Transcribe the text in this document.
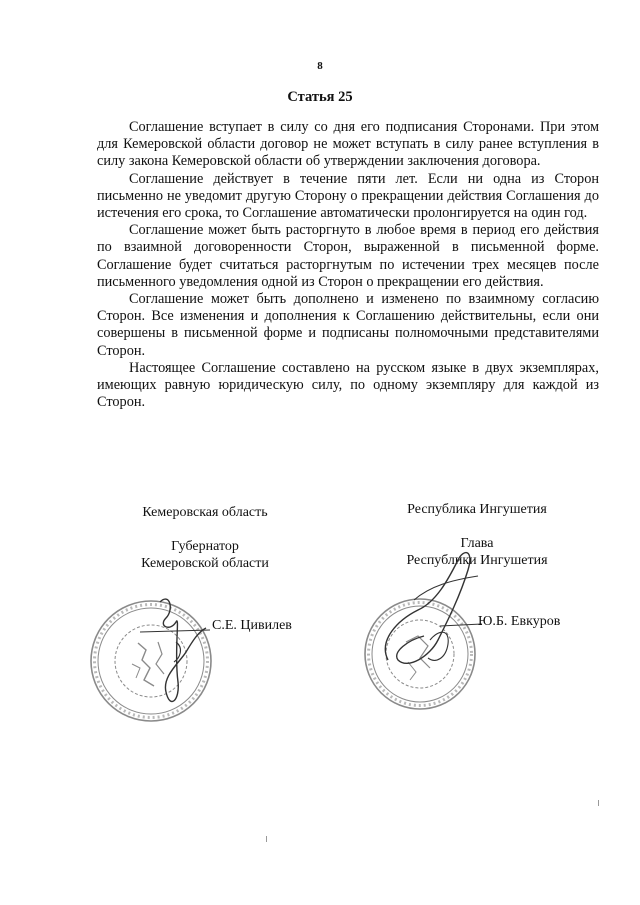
8
Статья 25

Соглашение вступает в силу со дня его подписания Сторонами. При этом для Кемеровской области договор не может вступать в силу ранее вступления в силу закона Кемеровской области об утверждении заключения договора.

Соглашение действует в течение пяти лет. Если ни одна из Сторон письменно не уведомит другую Сторону о прекращении действия Соглашения до истечения его срока, то Соглашение автоматически пролонгируется на один год.

Соглашение может быть расторгнуто в любое время в период его действия по взаимной договоренности Сторон, выраженной в письменной форме. Соглашение будет считаться расторгнутым по истечении трех месяцев после письменного уведомления одной из Сторон о прекращении его действия.

Соглашение может быть дополнено и изменено по взаимному согласию Сторон. Все изменения и дополнения к Соглашению действительны, если они совершены в письменной форме и подписаны полномочными представителями Сторон.

Настоящее Соглашение составлено на русском языке в двух экземплярах, имеющих равную юридическую силу, по одному экземпляру для каждой из Сторон.

Кемеровская область
Губернатор
Кемеровской области
С.Е. Цивилев
Республика Ингушетия
Глава
Республики Ингушетия
Ю.Б. Евкуров
